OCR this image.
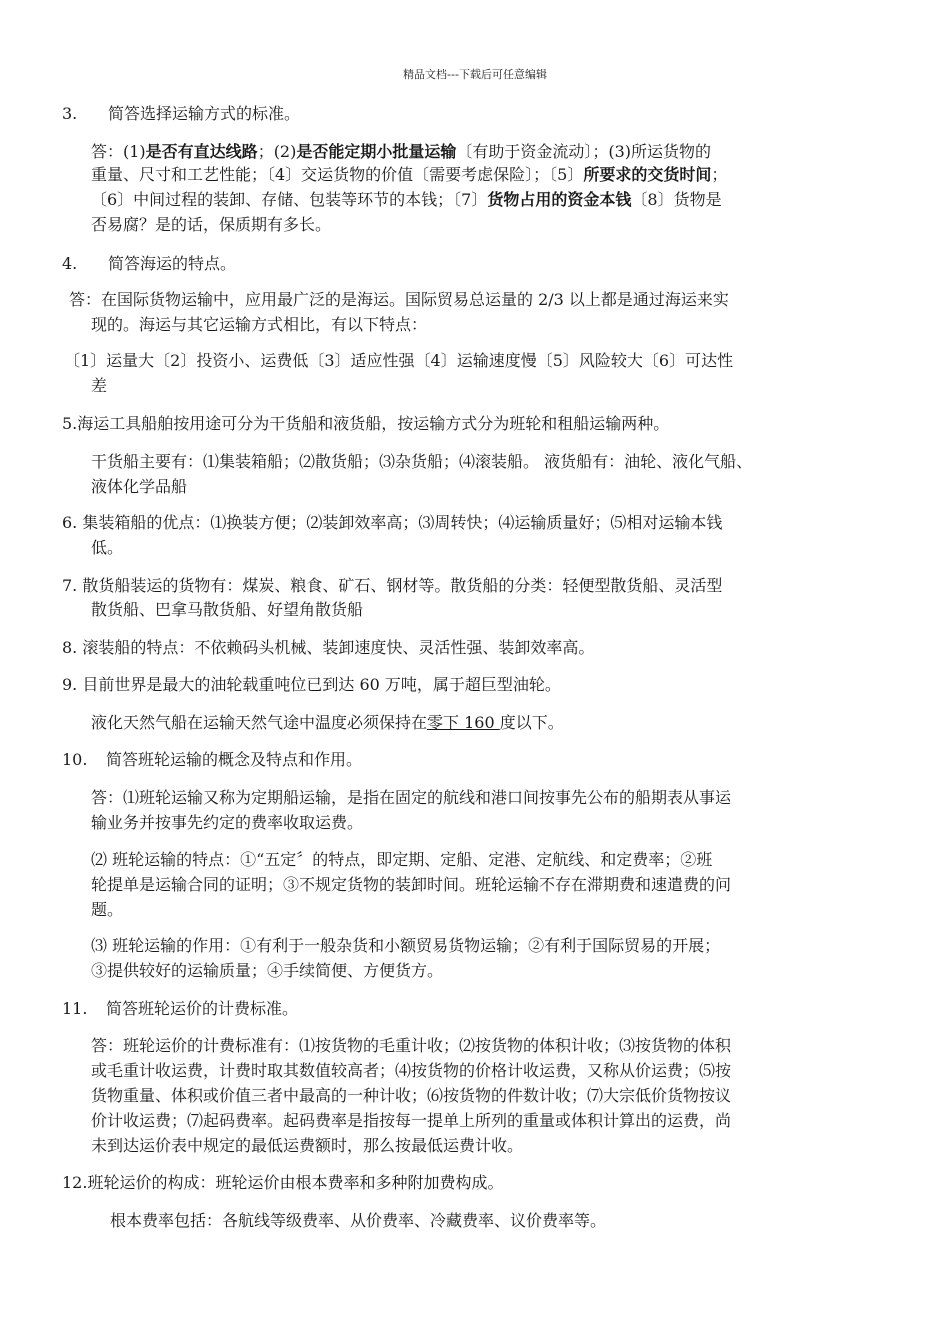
精品文档---下载后可任意编辑
3. 简答选择运输方式的标准。
答：(1)是否有直达线路；(2)是否能定期小批量运输〔有助于资金流动〕；(3)所运货物的
重量、尺寸和工艺性能；〔4〕交运货物的价值〔需要考虑保险〕；〔5〕所要求的交货时间；
〔6〕中间过程的装卸、存储、包装等环节的本钱；〔7〕货物占用的资金本钱〔8〕货物是
否易腐？是的话，保质期有多长。
4. 简答海运的特点。
答：在国际货物运输中，应用最广泛的是海运。国际贸易总运量的 2/3 以上都是通过海运来实
现的。海运与其它运输方式相比，有以下特点：
〔1〕运量大〔2〕投资小、运费低〔3〕适应性强〔4〕运输速度慢〔5〕风险较大〔6〕可达性
差
5.海运工具船舶按用途可分为干货船和液货船，按运输方式分为班轮和租船运输两种。
干货船主要有：⑴集装箱船；⑵散货船；⑶杂货船；⑷滚装船。 液货船有：油轮、液化气船、
液体化学品船
6. 集装箱船的优点：⑴换装方便；⑵装卸效率高；⑶周转快；⑷运输质量好；⑸相对运输本钱
低。
7. 散货船装运的货物有：煤炭、粮食、矿石、钢材等。散货船的分类：轻便型散货船、灵活型
散货船、巴拿马散货船、好望角散货船
8. 滚装船的特点：不依赖码头机械、装卸速度快、灵活性强、装卸效率高。
9. 目前世界是最大的油轮载重吨位已到达 60 万吨，属于超巨型油轮。
液化天然气船在运输天然气途中温度必须保持在零下 160 度以下。
10. 简答班轮运输的概念及特点和作用。
答：⑴班轮运输又称为定期船运输，是指在固定的航线和港口间按事先公布的船期表从事运
输业务并按事先约定的费率收取运费。
⑵ 班轮运输的特点：①“五定〞的特点，即定期、定船、定港、定航线、和定费率；②班
轮提单是运输合同的证明；③不规定货物的装卸时间。班轮运输不存在滞期费和速遣费的问
题。
⑶ 班轮运输的作用：①有利于一般杂货和小额贸易货物运输；②有利于国际贸易的开展；
③提供较好的运输质量；④手续简便、方便货方。
11. 简答班轮运价的计费标准。
答：班轮运价的计费标准有：⑴按货物的毛重计收；⑵按货物的体积计收；⑶按货物的体积
或毛重计收运费，计费时取其数值较高者；⑷按货物的价格计收运费，又称从价运费；⑸按
货物重量、体积或价值三者中最高的一种计收；⑹按货物的件数计收；⑺大宗低价货物按议
价计收运费；⑺起码费率。起码费率是指按每一提单上所列的重量或体积计算出的运费，尚
未到达运价表中规定的最低运费额时，那么按最低运费计收。
12.班轮运价的构成：班轮运价由根本费率和多种附加费构成。
根本费率包括：各航线等级费率、从价费率、冷藏费率、议价费率等。
